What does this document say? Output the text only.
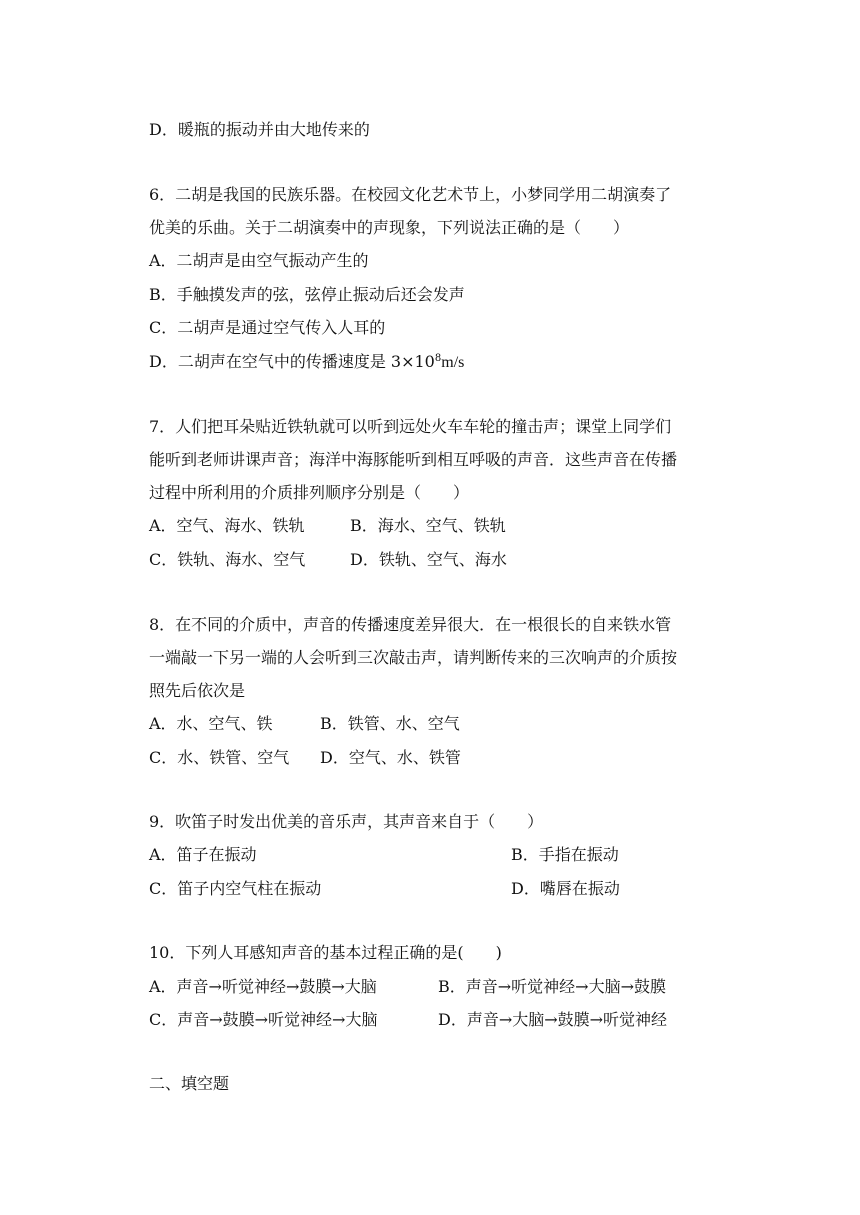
D．暖瓶的振动并由大地传来的
6．二胡是我国的民族乐器。在校园文化艺术节上，小梦同学用二胡演奏了
优美的乐曲。关于二胡演奏中的声现象，下列说法正确的是（　　）
A．二胡声是由空气振动产生的
B．手触摸发声的弦，弦停止振动后还会发声
C．二胡声是通过空气传入人耳的
D．二胡声在空气中的传播速度是 $3\times 10^8m/s$
7．人们把耳朵贴近铁轨就可以听到远处火车车轮的撞击声；课堂上同学们
能听到老师讲课声音；海洋中海豚能听到相互呼吸的声音．这些声音在传播
过程中所利用的介质排列顺序分别是（　　）
A．空气、海水、铁轨	B．海水、空气、铁轨
C．铁轨、海水、空气	D．铁轨、空气、海水
8．在不同的介质中，声音的传播速度差异很大．在一根很长的自来铁水管
一端敲一下另一端的人会听到三次敲击声，请判断传来的三次响声的介质按
照先后依次是
A．水、空气、铁	B．铁管、水、空气
C．水、铁管、空气 D．空气、水、铁管
9．吹笛子时发出优美的音乐声，其声音来自于（　　）
A．笛子在振动	B．手指在振动
C．笛子内空气柱在振动	D．嘴唇在振动
10．下列人耳感知声音的基本过程正确的是(　　)
A．声音→听觉神经→鼓膜→大脑	B．声音→听觉神经→大脑→鼓膜
C．声音→鼓膜→听觉神经→大脑	D．声音→大脑→鼓膜→听觉神经
二、填空题
